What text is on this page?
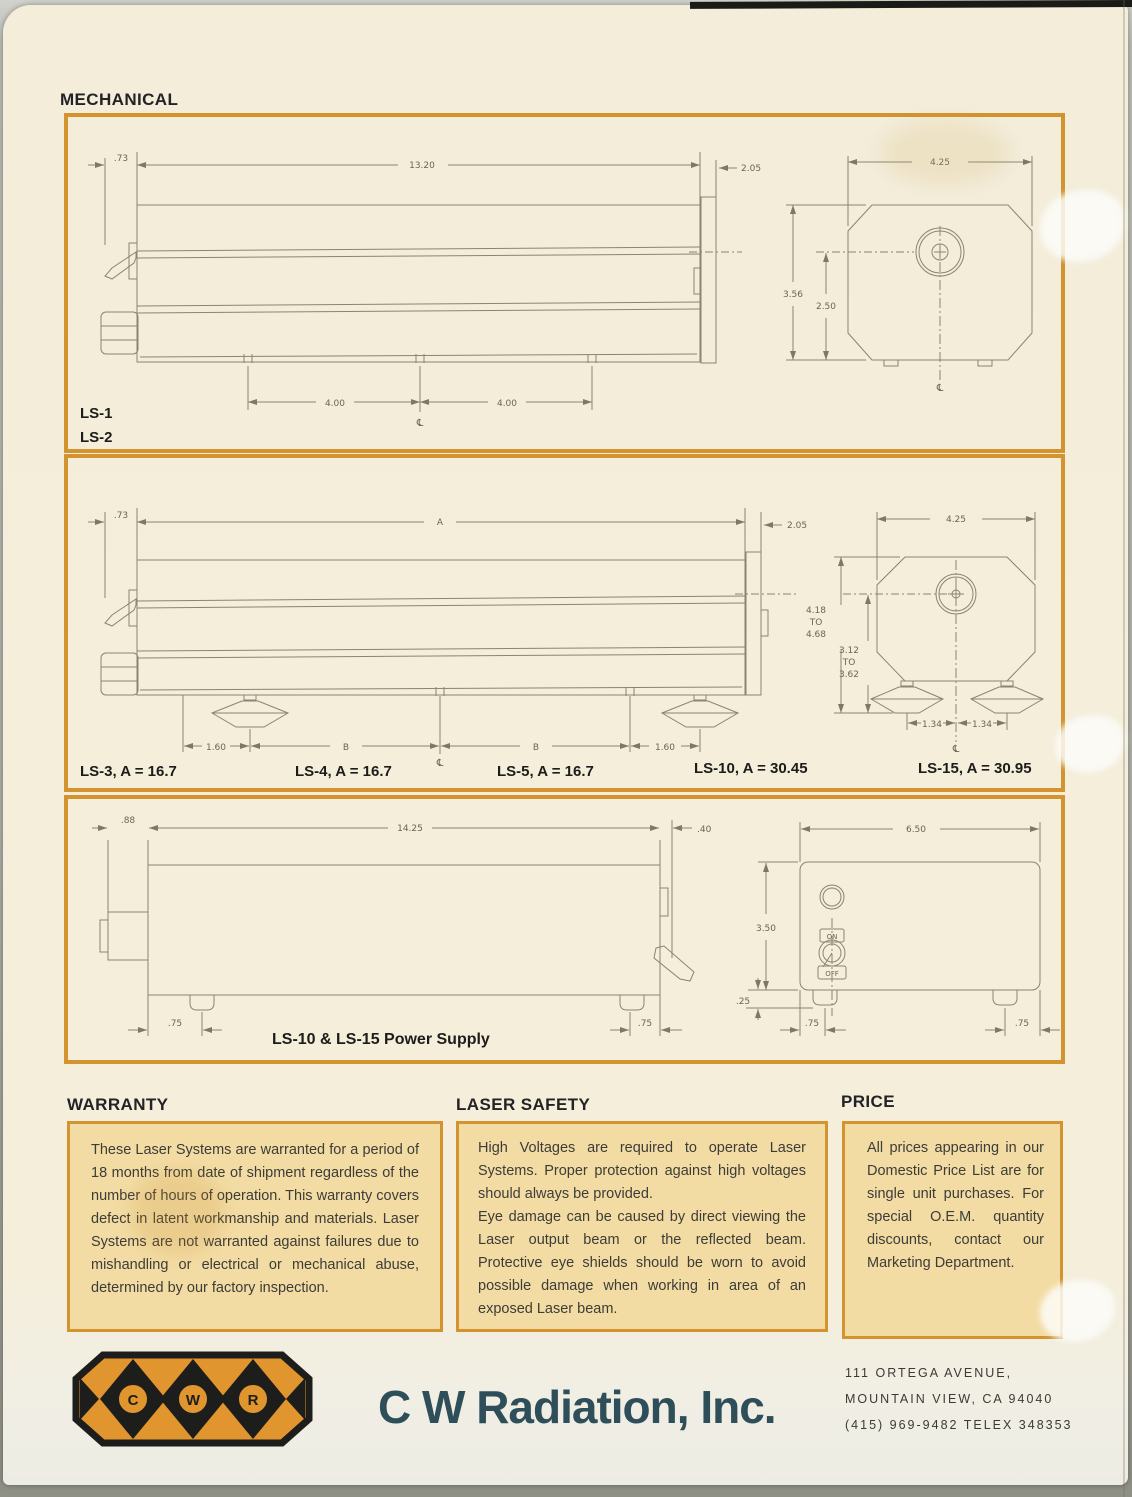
MECHANICAL
.73
13.20	2.05
4.25
3.56
2.50
℄
4.00	4.00
℄
.73
A	2.05
4.25
4.18
TO
4.68
3.12
TO
3.62
1.34	1.34
℄
1.60	B	B	1.60
℄
.88
14.25	.40
.75	.75
ON
OFF
6.50
3.50
.25
.75	.75
C	W	R
LS-1
LS-2
LS-3, A = 16.7	LS-4, A = 16.7	LS-5, A = 16.7	LS-10, A = 30.45	LS-15, A = 30.95
LS-10 & LS-15 Power Supply
WARRANTY	LASER SAFETY	PRICE

These Laser Systems are warranted for a period of 18 months from date of shipment regardless of the number of hours of operation. This warranty covers defect in latent workmanship and materials. Laser Systems are not warranted against failures due to mishandling or electrical or mechanical abuse, determined by our factory inspection.

High Voltages are required to operate Laser Systems. Proper protection against high voltages should always be provided.

Eye damage can be caused by direct viewing the Laser output beam or the reflected beam. Protective eye shields should be worn to avoid possible damage when working in area of an exposed Laser beam.

All prices appearing in our Domestic Price List are for single unit purchases. For special O.E.M. quantity discounts, contact our Marketing Department.

C W Radiation, Inc.
111 ORTEGA AVENUE,
MOUNTAIN VIEW, CA 94040
(415) 969-9482 TELEX 348353
